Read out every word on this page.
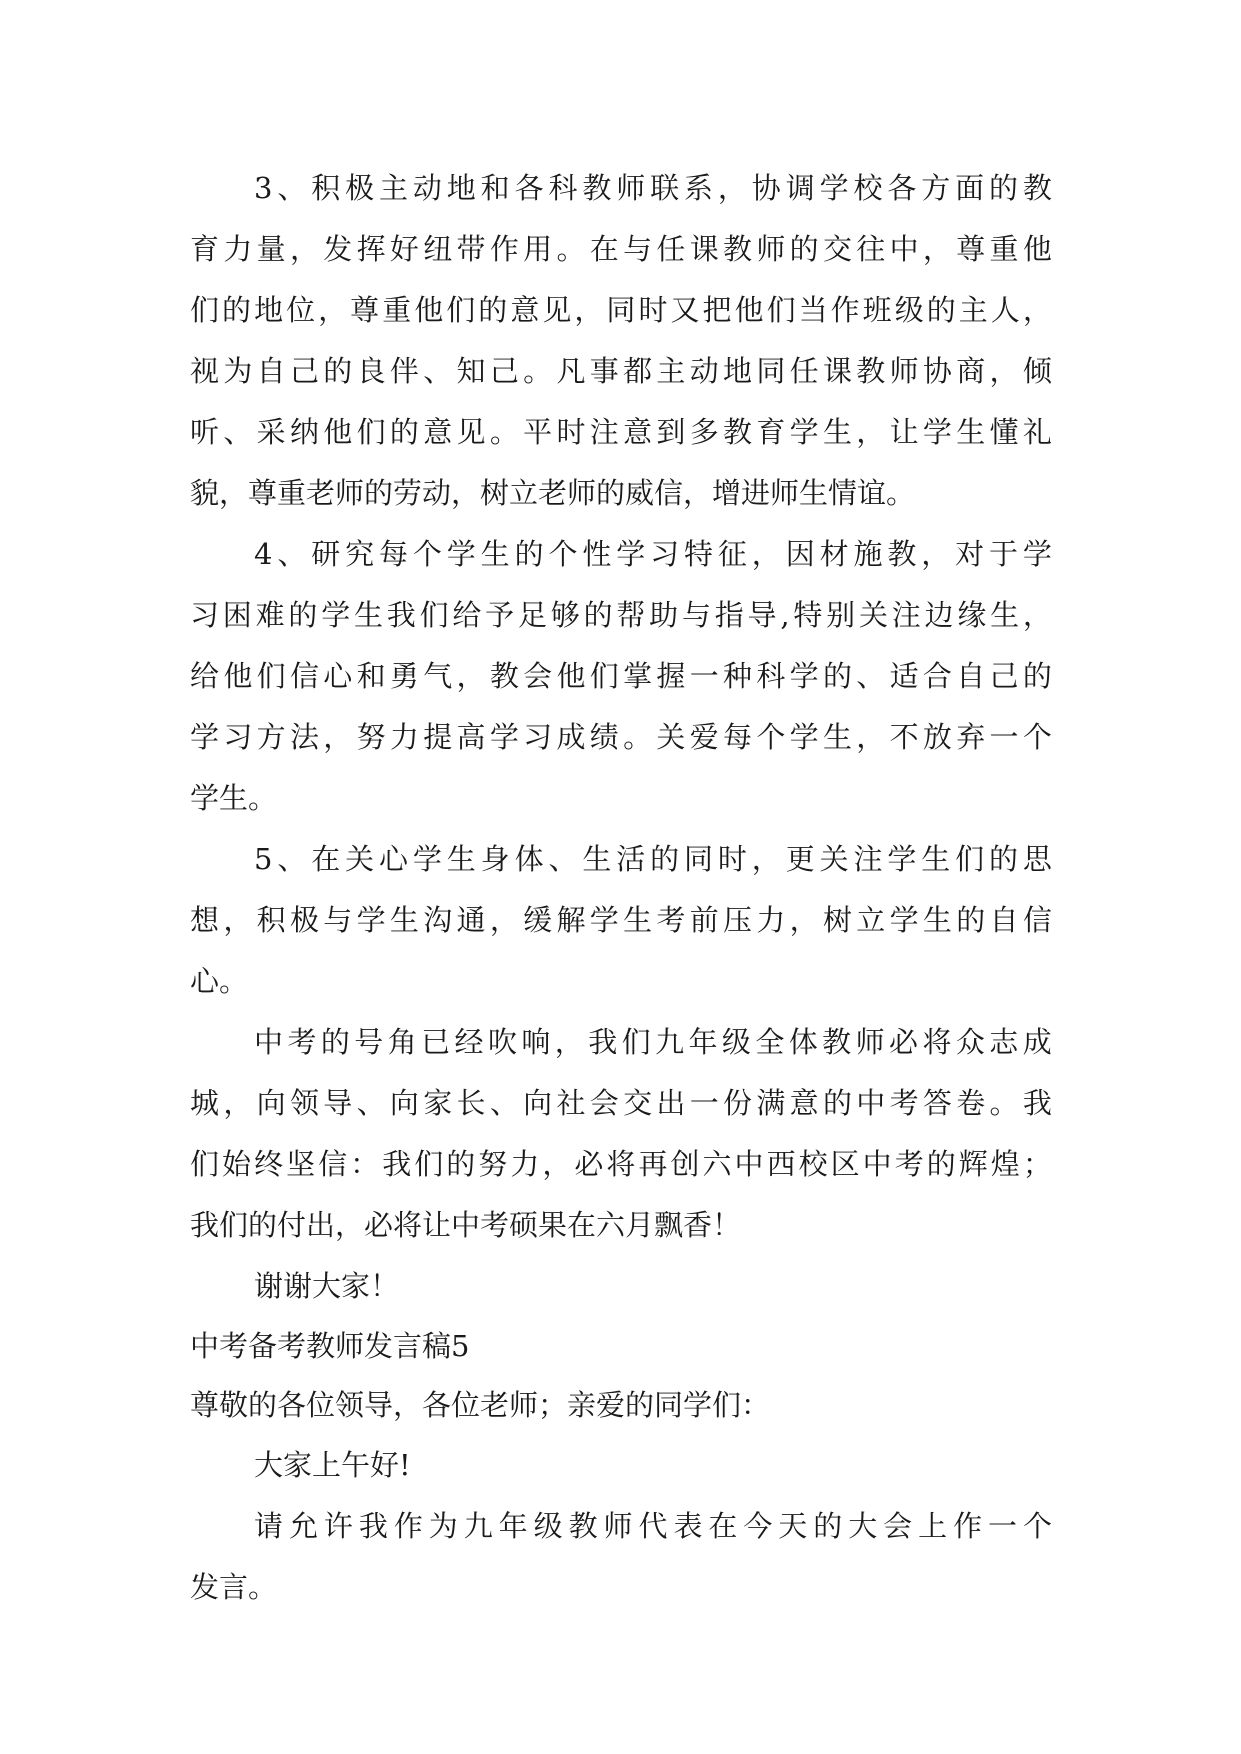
3 、 积 极 主 动 地 和 各 科 教 师 联 系 ， 协 调 学 校 各 方 面 的 教
育 力 量 ， 发 挥 好 纽 带 作 用 。 在 与 任 课 教 师 的 交 往 中 ， 尊 重 他
们 的 地 位 ， 尊 重 他 们 的 意 见 ， 同 时 又 把 他 们 当 作 班 级 的 主 人 ，
视 为 自 己 的 良 伴 、 知 己 。 凡 事 都 主 动 地 同 任 课 教 师 协 商 ， 倾
听 、 采 纳 他 们 的 意 见 。 平 时 注 意 到 多 教 育 学 生 ， 让 学 生 懂 礼
貌，尊重老师的劳动，树立老师的威信，增进师生情谊。
4 、 研 究 每 个 学 生 的 个 性 学 习 特 征 ， 因 材 施 教 ， 对 于 学
习 困 难 的 学 生 我 们 给 予 足 够 的 帮 助 与 指 导 , 特 别 关 注 边 缘 生 ，
给 他 们 信 心 和 勇 气 ， 教 会 他 们 掌 握 一 种 科 学 的 、 适 合 自 己 的
学 习 方 法 ， 努 力 提 高 学 习 成 绩 。 关 爱 每 个 学 生 ， 不 放 弃 一 个
学生。
5 、 在 关 心 学 生 身 体 、 生 活 的 同 时 ， 更 关 注 学 生 们 的 思
想 ， 积 极 与 学 生 沟 通 ， 缓 解 学 生 考 前 压 力 ， 树 立 学 生 的 自 信
心。
中 考 的 号 角 已 经 吹 响 ， 我 们 九 年 级 全 体 教 师 必 将 众 志 成
城 ， 向 领 导 、 向 家 长 、 向 社 会 交 出 一 份 满 意 的 中 考 答 卷 。 我
们 始 终 坚 信 ： 我 们 的 努 力 ， 必 将 再 创 六 中 西 校 区 中 考 的 辉 煌 ；
我们的付出，必将让中考硕果在六月飘香！
谢谢大家！
中考备考教师发言稿5
尊敬的各位领导，各位老师；亲爱的同学们：
大家上午好!
请 允 许 我 作 为 九 年 级 教 师 代 表 在 今 天 的 大 会 上 作 一 个
发言。
